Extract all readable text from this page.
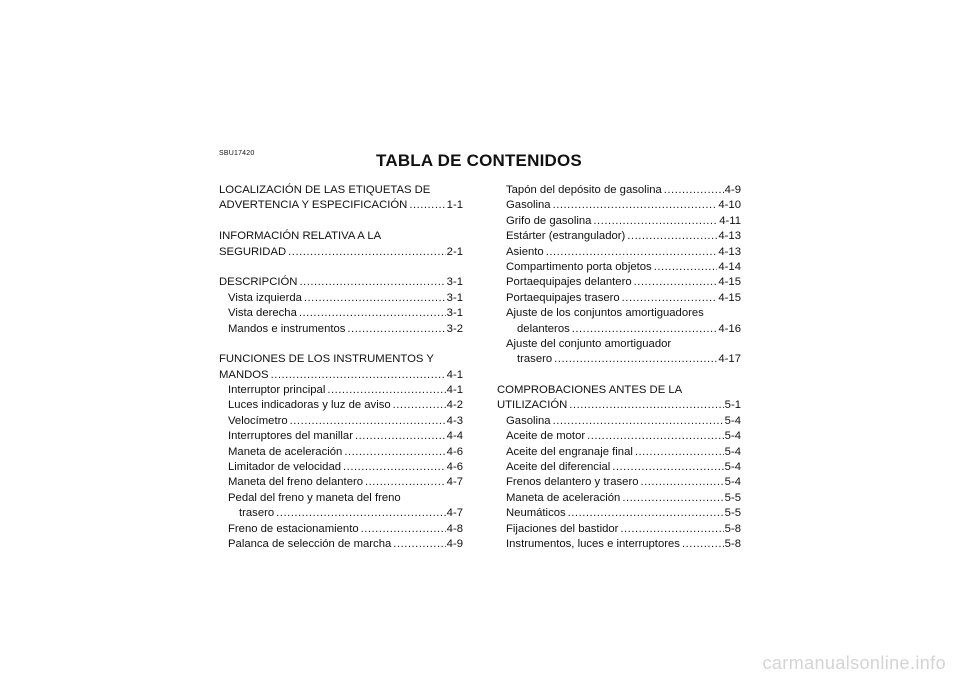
SBU17420	TABLA DE CONTENIDOS
LOCALIZACIÓN DE LAS ETIQUETAS DE
ADVERTENCIA Y ESPECIFICACIÓN .....	1-1
INFORMACIÓN RELATIVA A LA
SEGURIDAD .....	2-1
DESCRIPCIÓN .....	3-1
Vista izquierda .....	3-1
Vista derecha .....	3-1
Mandos e instrumentos .....	3-2
FUNCIONES DE LOS INSTRUMENTOS Y
MANDOS .....	4-1
Interruptor principal .....	4-1
Luces indicadoras y luz de aviso .....	4-2
Velocímetro .....	4-3
Interruptores del manillar .....	4-4
Maneta de aceleración .....	4-6
Limitador de velocidad .....	4-6
Maneta del freno delantero .....	4-7
Pedal del freno y maneta del freno
trasero .....	4-7
Freno de estacionamiento .....	4-8
Palanca de selección de marcha .....	4-9
Tapón del depósito de gasolina .....	4-9
Gasolina .....	4-10
Grifo de gasolina .....	4-11
Estárter (estrangulador) .....	4-13
Asiento .....	4-13
Compartimento porta objetos .....	4-14
Portaequipajes delantero .....	4-15
Portaequipajes trasero .....	4-15
Ajuste de los conjuntos amortiguadores
delanteros .....	4-16
Ajuste del conjunto amortiguador
trasero .....	4-17
COMPROBACIONES ANTES DE LA
UTILIZACIÓN .....	5-1
Gasolina .....	5-4
Aceite de motor .....	5-4
Aceite del engranaje final .....	5-4
Aceite del diferencial .....	5-4
Frenos delantero y trasero .....	5-4
Maneta de aceleración .....	5-5
Neumáticos .....	5-5
Fijaciones del bastidor .....	5-8
Instrumentos, luces e interruptores .....	5-8
carmanualsonline.info
